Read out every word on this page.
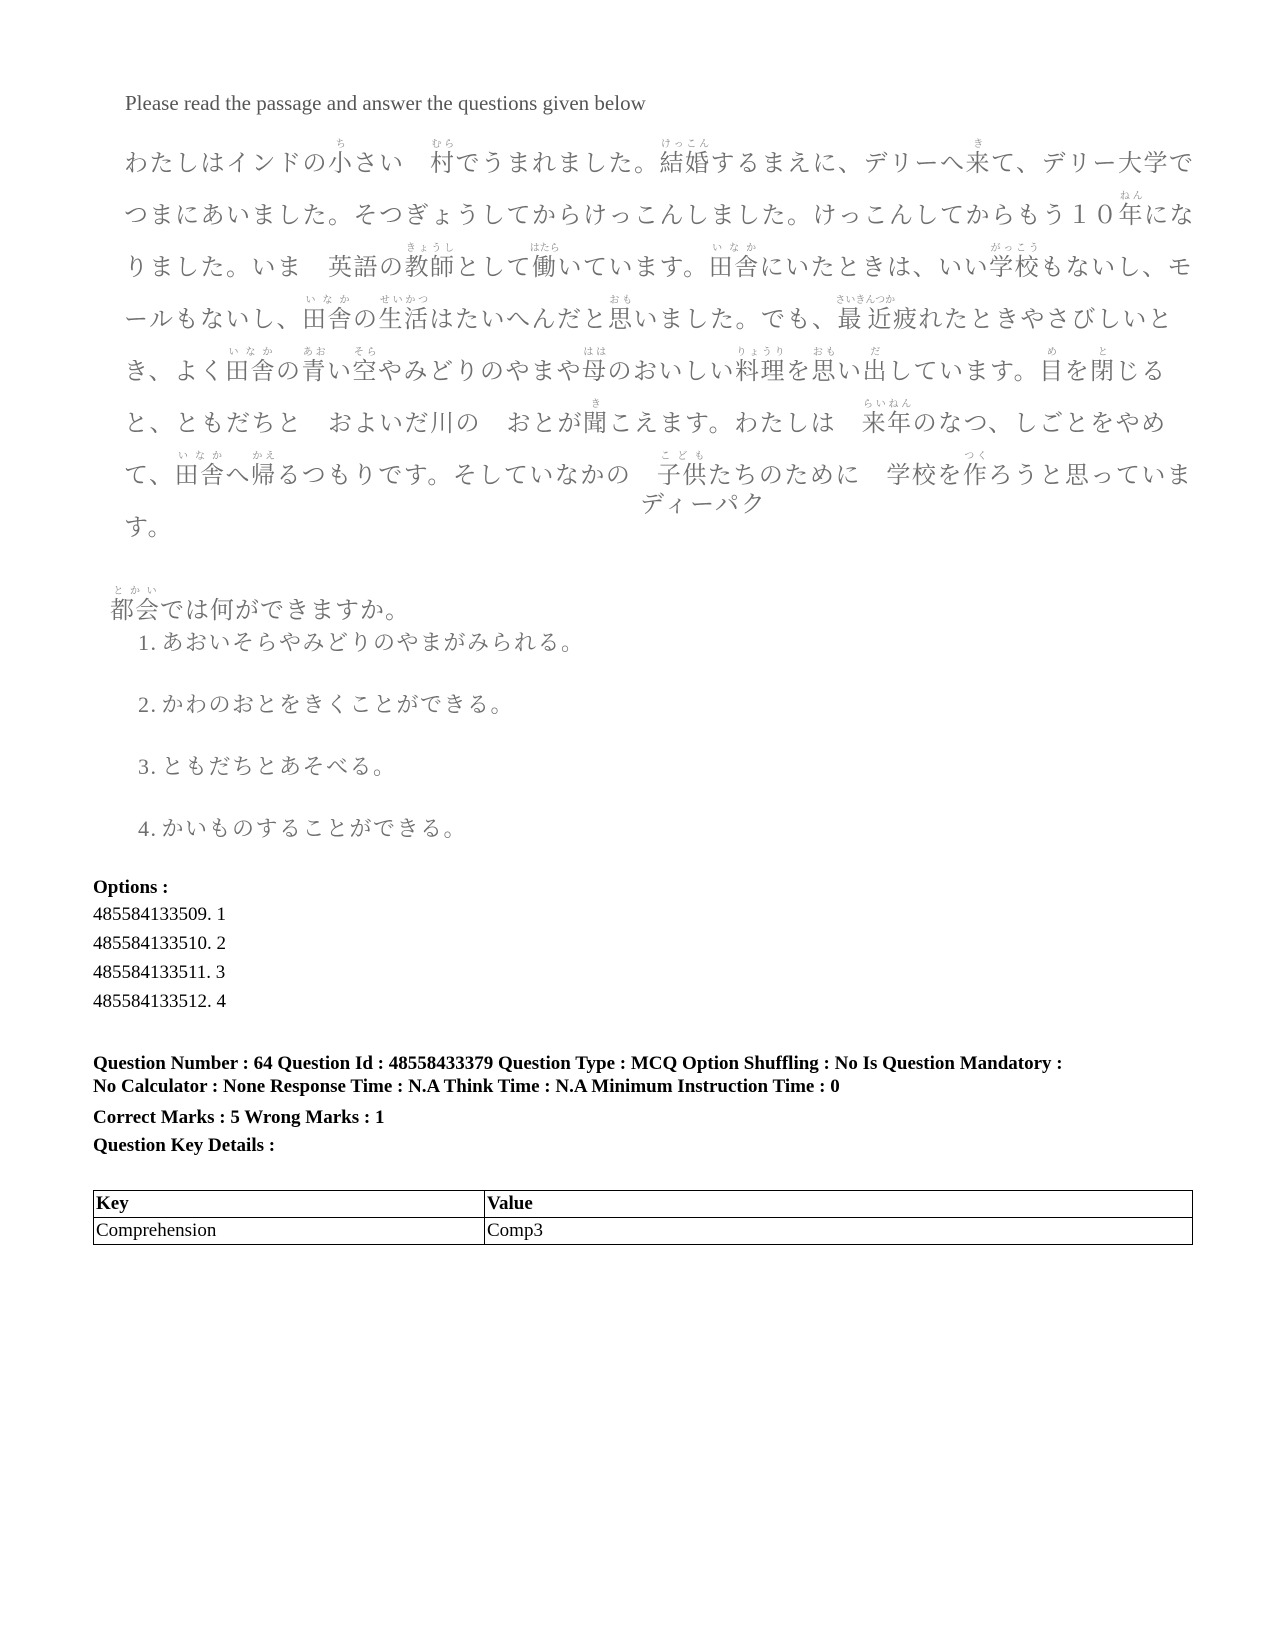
Please read the passage and answer the questions given below
わたしはインドの小ちさい　村むらでうまれました。結婚けっこんするまえに、デリーへ来きて、デリー大学で
つまにあいました。そつぎょうしてからけっこんしました。けっこんしてからもう１０年ねんにな
りました。いま　英語の教師きょうしとして働はたらいています。田舎いなかにいたときは、いい学校がっこうもないし、モ
ールもないし、田舎いなかの生活せいかつはたいへんだと思おもいました。でも、最近さいきんつか疲れたときやさびしいと
き、よく田舎いなかの青あおい空そらやみどりのやまや母ははのおいしい料理りょうりを思おもい出だしています。目めを閉とじる
と、ともだちと　およいだ川の　おとが聞きこえます。わたしは　来年らいねんのなつ、しごとをやめ
て、田舎いなかへ帰かえるつもりです。そしていなかの　子供こどもたちのために　学校を作つくろうと思っていま
す。
ディーパク
都会とかいでは何ができますか。
1. あおいそらやみどりのやまがみられる。
2. かわのおとをきくことができる。
3. ともだちとあそべる。
4. かいものすることができる。
Options :
485584133509. 1
485584133510. 2
485584133511. 3
485584133512. 4
Question Number : 64 Question Id : 48558433379 Question Type : MCQ Option Shuffling : No Is Question Mandatory :
No Calculator : None Response Time : N.A Think Time : N.A Minimum Instruction Time : 0
Correct Marks : 5 Wrong Marks : 1
Question Key Details :
Key	Value
Comprehension	Comp3
